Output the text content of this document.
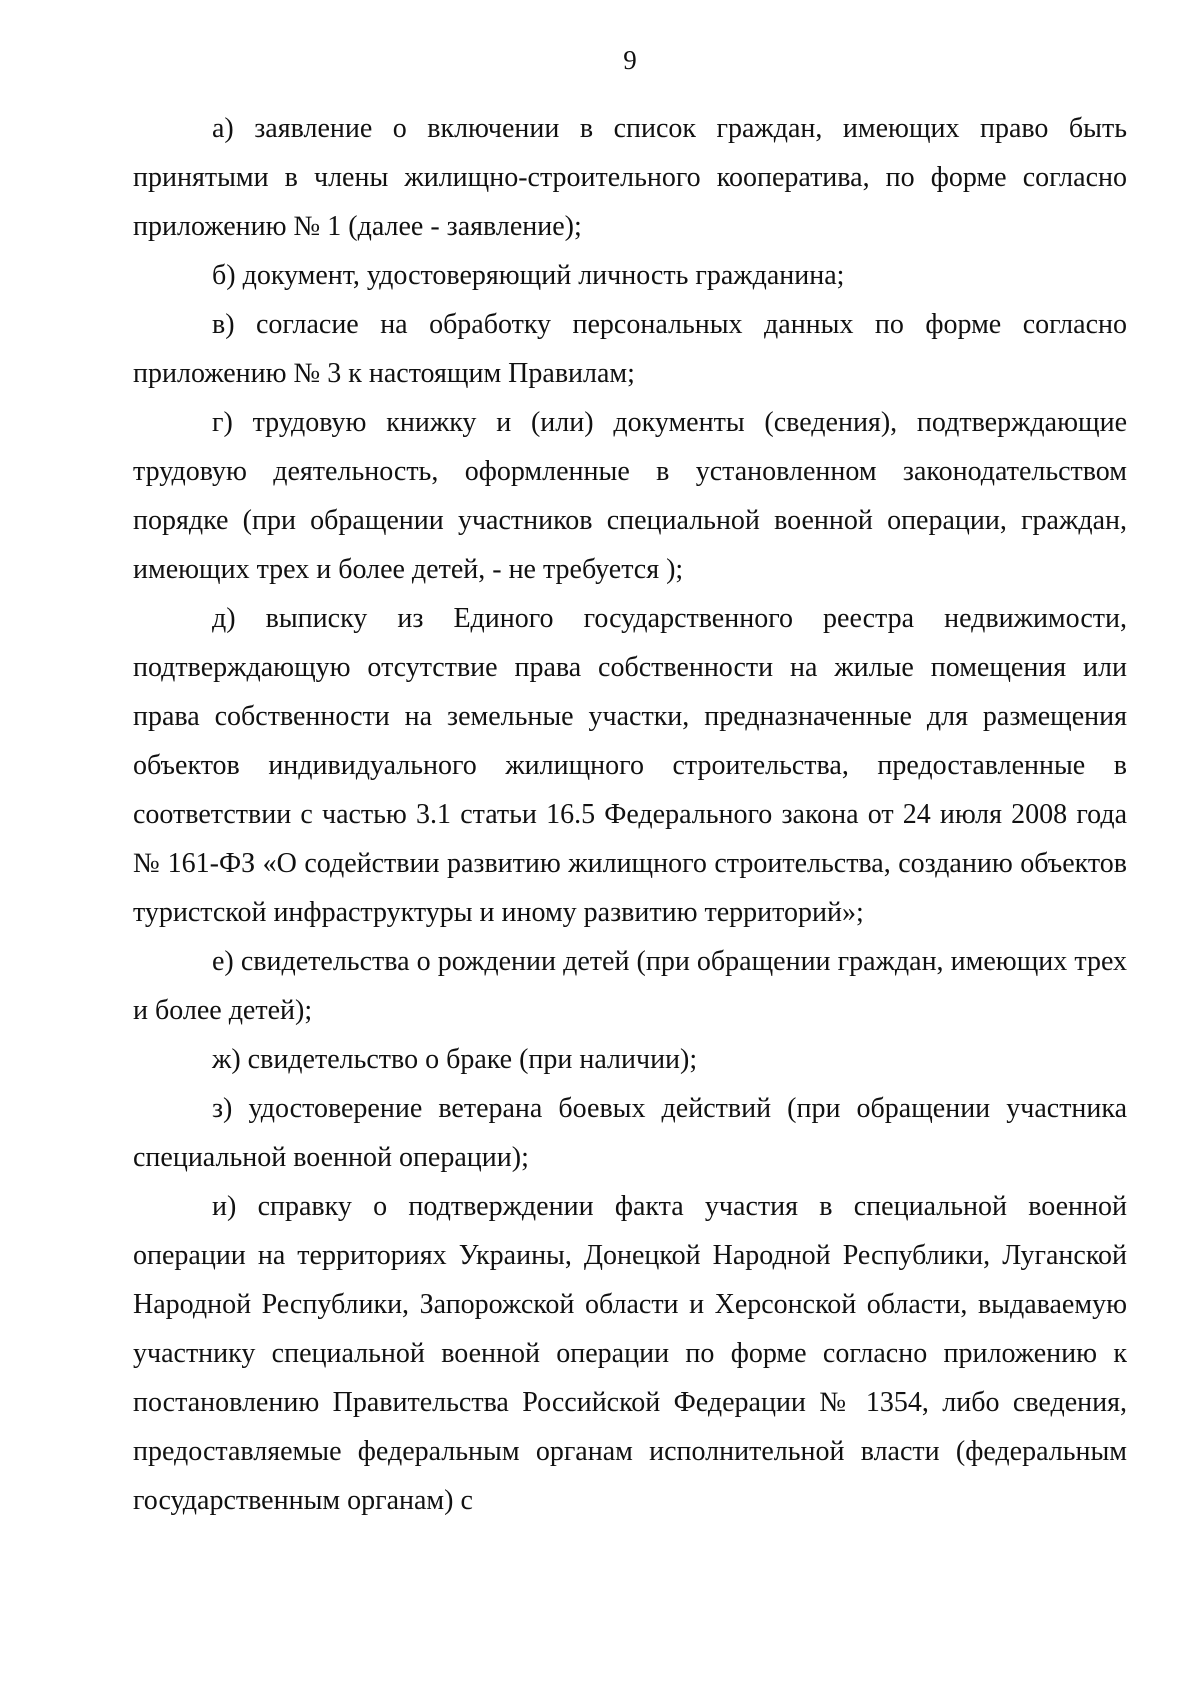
9

а) заявление о включении в список граждан, имеющих право быть принятыми в члены жилищно-строительного кооператива, по форме согласно приложению № 1 (далее - заявление);

б) документ, удостоверяющий личность гражданина;

в) согласие на обработку персональных данных по форме согласно приложению № 3 к настоящим Правилам;

г) трудовую книжку и (или) документы (сведения), подтверждающие трудовую деятельность, оформленные в установленном законодательством порядке (при обращении участников специальной военной операции, граждан, имеющих трех и более детей, - не требуется );

д) выписку из Единого государственного реестра недвижимости, подтверждающую отсутствие права собственности на жилые помещения или права собственности на земельные участки, предназначенные для размещения объектов индивидуального жилищного строительства, предоставленные в соответствии с частью 3.1 статьи 16.5 Федерального закона от 24 июля 2008 года № 161-ФЗ «О содействии развитию жилищного строительства, созданию объектов туристской инфраструктуры и иному развитию территорий»;

е) свидетельства о рождении детей (при обращении граждан, имеющих трех и более детей);

ж) свидетельство о браке (при наличии);

з) удостоверение ветерана боевых действий (при обращении участника специальной военной операции);

и) справку о подтверждении факта участия в специальной военной операции на территориях Украины, Донецкой Народной Республики, Луганской Народной Республики, Запорожской области и Херсонской области, выдаваемую участнику специальной военной операции по форме согласно приложению к постановлению Правительства Российской Федерации № 1354, либо сведения, предоставляемые федеральным органам исполнительной власти (федеральным государственным органам) с
